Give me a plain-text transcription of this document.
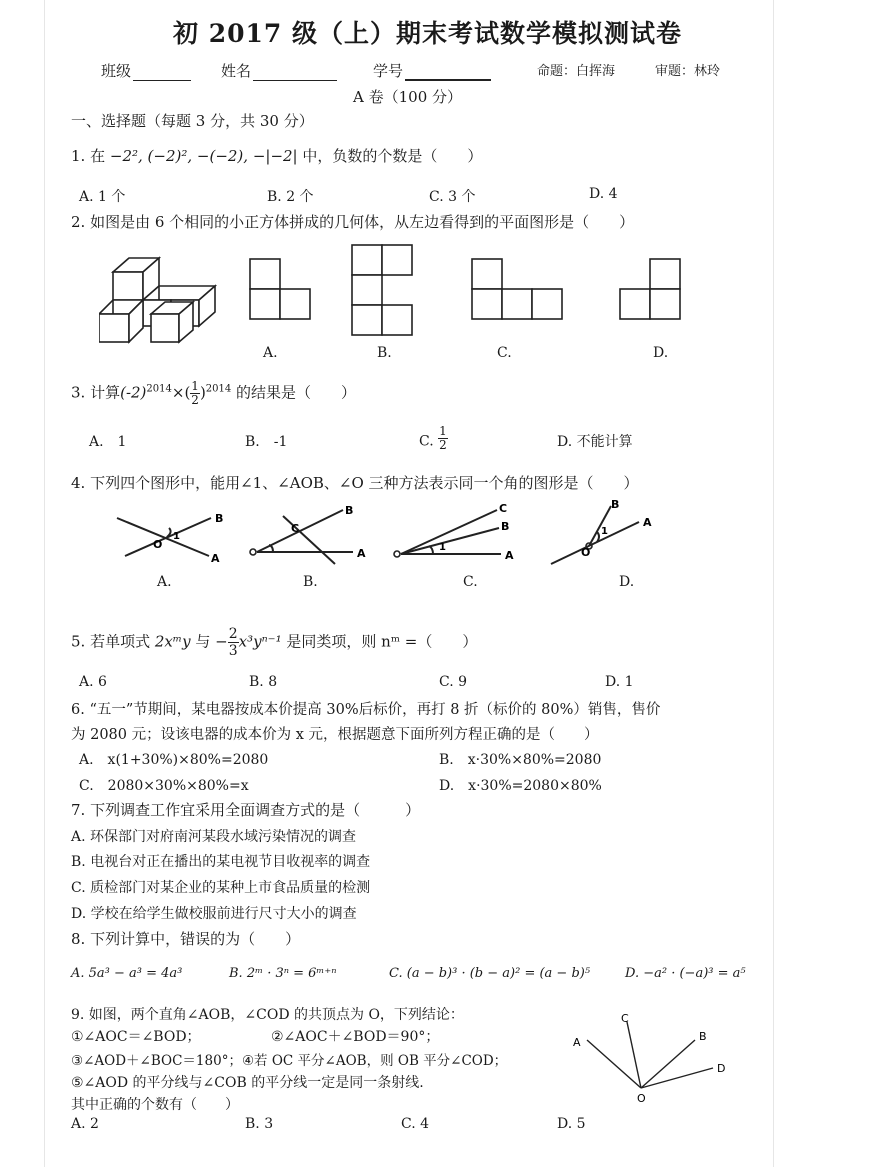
初 2017 级（上）期末考试数学模拟测试卷
班级	姓名	学号	命题：白挥海	审题：林玲
A 卷（100 分）
一、选择题（每题 3 分，共 30 分）
1. 在 −2², (−2)², −(−2), −|−2| 中，负数的个数是（　　）
A. 1 个	B. 2 个	C. 3 个	D. 4
2. 如图是由 6 个相同的小正方体拼成的几何体，从左边看得到的平面图形是（　　）
A.	B.	C.	D.
3. 计算$(-2)^{2014}\times( \frac{1}{2} )^{2014}$ 的结果是（　　）
A.　1	B.　-1	C. $\frac{1}{2}$	D. 不能计算
4. 下列四个图形中，能用∠1、∠AOB、∠O 三种方法表示同一个角的图形是（　　）
O
B
A
1
A.
B
A
C
B.
C
B
A
1
C.
B
A
O
1
D.
5. 若单项式 2xᵐy 与 − $\frac{2}{3} x^3y^{n-1}$ 是同类项，则 nᵐ =（　　）
A. 6	B. 8	C. 9	D. 1
6. “五一”节期间，某电器按成本价提高 30%后标价，再打 8 折（标价的 80%）销售，售价
为 2080 元；设该电器的成本价为 x 元，根据题意下面所列方程正确的是（　　）
A.　x(1+30%)×80%=2080	B.　x·30%×80%=2080
C.　2080×30%×80%=x	D.　x·30%=2080×80%
7. 下列调查工作宜采用全面调查方式的是（　　　）
A. 环保部门对府南河某段水域污染情况的调查
B. 电视台对正在播出的某电视节目收视率的调查
C. 质检部门对某企业的某种上市食品质量的检测
D. 学校在给学生做校服前进行尺寸大小的调查
8. 下列计算中，错误的为（　　）
A. 5a³ − a³ = 4a³	B. 2ᵐ · 3ⁿ = 6ᵐ⁺ⁿ	C. (a − b)³ · (b − a)² = (a − b)⁵	D. −a² · (−a)³ = a⁵
9. 如图，两个直角∠AOB，∠COD 的共顶点为 O，下列结论：
①∠AOC＝∠BOD；	②∠AOC＋∠BOD＝90°；
③∠AOD＋∠BOC＝180°；④若 OC 平分∠AOB，则 OB 平分∠COD；
⑤∠AOD 的平分线与∠COB 的平分线一定是同一条射线.
其中正确的个数有（　　）
A. 2	B. 3	C. 4	D. 5
A
C
B
D
O
